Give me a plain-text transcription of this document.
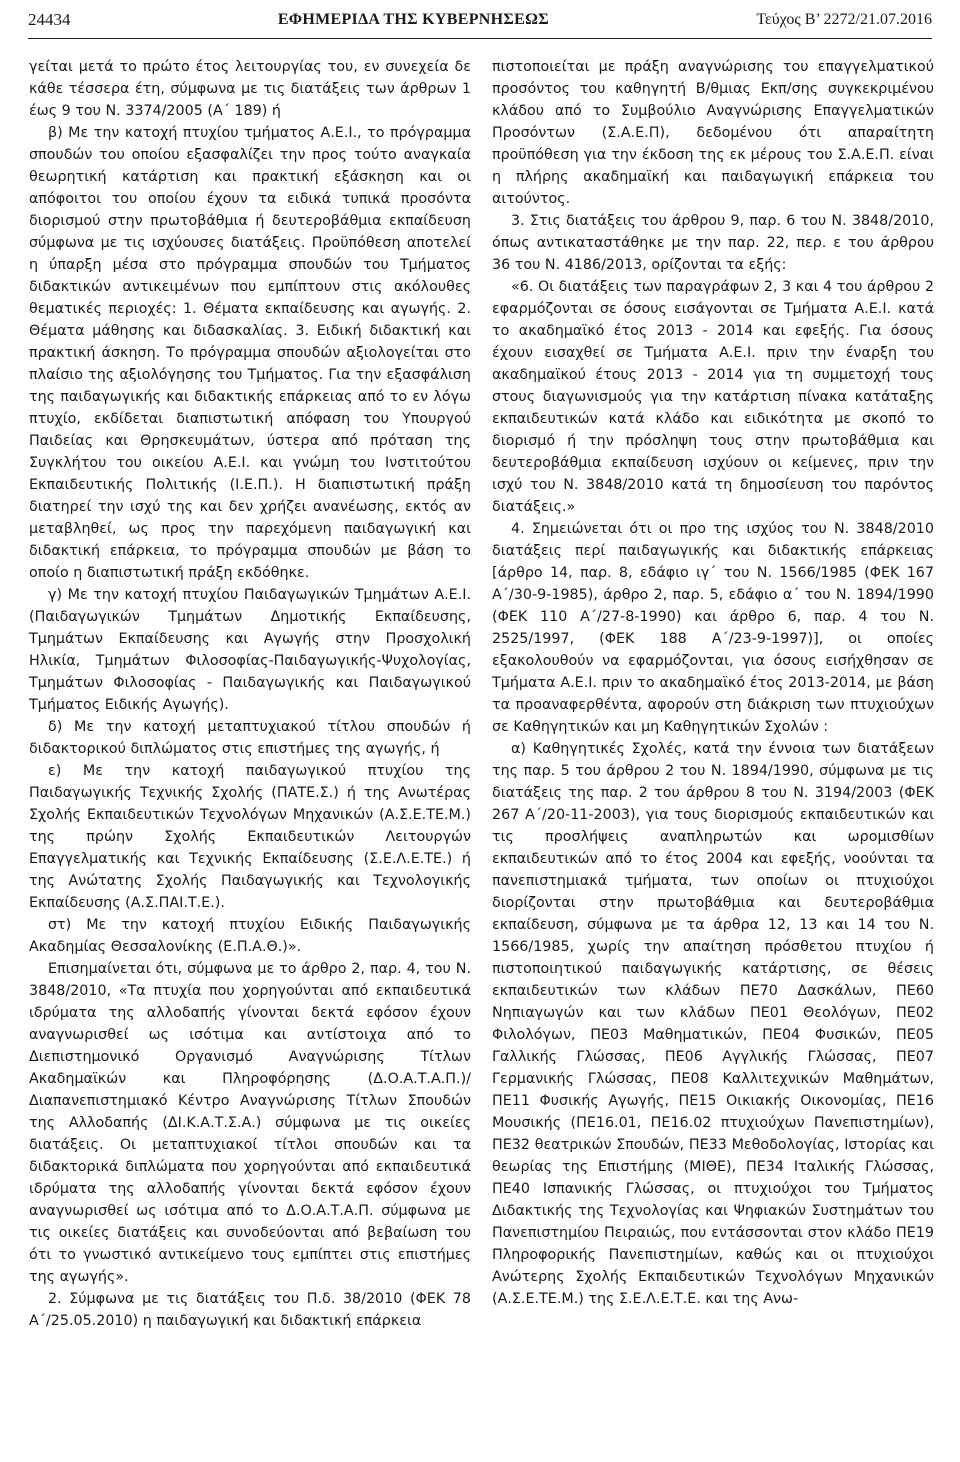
24434	ΕΦΗΜΕΡΙΔΑ ΤΗΣ ΚΥΒΕΡΝΗΣΕΩΣ	Τεύχος Β’ 2272/21.07.2016

γείται μετά το πρώτο έτος λειτουργίας του, εν συνεχεία δε κάθε τέσσερα έτη, σύμφωνα με τις διατάξεις των άρθρων 1 έως 9 του Ν. 3374/2005 (Α΄ 189) ή

β) Με την κατοχή πτυχίου τμήματος Α.Ε.Ι., το πρόγραμμα σπουδών του οποίου εξασφαλίζει την προς τούτο αναγκαία θεωρητική κατάρτιση και πρακτική εξάσκηση και οι απόφοιτοι του οποίου έχουν τα ειδικά τυπικά προσόντα διορισμού στην πρωτοβάθμια ή δευτεροβάθμια εκπαίδευση σύμφωνα με τις ισχύουσες διατάξεις. Προϋπόθεση αποτελεί η ύπαρξη μέσα στο πρόγραμμα σπουδών του Τμήματος διδακτικών αντικειμένων που εμπίπτουν στις ακόλουθες θεματικές περιοχές: 1. Θέματα εκπαίδευσης και αγωγής. 2. Θέματα μάθησης και διδασκαλίας. 3. Ειδική διδακτική και πρακτική άσκηση. Το πρόγραμμα σπουδών αξιολογείται στο πλαίσιο της αξιολόγησης του Τμήματος. Για την εξασφάλιση της παιδαγωγικής και διδακτικής επάρκειας από το εν λόγω πτυχίο, εκδίδεται διαπιστωτική απόφαση του Υπουργού Παιδείας και Θρησκευμάτων, ύστερα από πρόταση της Συγκλήτου του οικείου Α.Ε.Ι. και γνώμη του Ινστιτούτου Εκπαιδευτικής Πολιτικής (Ι.Ε.Π.). Η διαπιστωτική πράξη διατηρεί την ισχύ της και δεν χρήζει ανανέωσης, εκτός αν μεταβληθεί, ως προς την παρεχόμενη παιδαγωγική και διδακτική επάρκεια, το πρόγραμμα σπουδών με βάση το οποίο η διαπιστωτική πράξη εκδόθηκε.

γ) Με την κατοχή πτυχίου Παιδαγωγικών Τμημάτων Α.Ε.Ι. (Παιδαγωγικών Τμημάτων Δημοτικής Εκπαίδευσης, Τμημάτων Εκπαίδευσης και Αγωγής στην Προσχολική Ηλικία, Τμημάτων Φιλοσοφίας-Παιδαγωγικής-Ψυχολογίας, Τμημάτων Φιλοσοφίας - Παιδαγωγικής και Παιδαγωγικού Τμήματος Ειδικής Αγωγής).

δ) Με την κατοχή μεταπτυχιακού τίτλου σπουδών ή διδακτορικού διπλώματος στις επιστήμες της αγωγής, ή

ε) Με την κατοχή παιδαγωγικού πτυχίου της Παιδαγωγικής Τεχνικής Σχολής (ΠΑΤΕ.Σ.) ή της Ανωτέρας Σχολής Εκπαιδευτικών Τεχνολόγων Μηχανικών (Α.Σ.Ε.ΤΕ.Μ.) της πρώην Σχολής Εκπαιδευτικών Λειτουργών Επαγγελματικής και Τεχνικής Εκπαίδευσης (Σ.Ε.Λ.Ε.ΤΕ.) ή της Ανώτατης Σχολής Παιδαγωγικής και Τεχνολογικής Εκπαίδευσης (Α.Σ.ΠΑΙ.Τ.Ε.).

στ) Με την κατοχή πτυχίου Ειδικής Παιδαγωγικής Ακαδημίας Θεσσαλονίκης (Ε.Π.Α.Θ.)».

Επισημαίνεται ότι, σύμφωνα με το άρθρο 2, παρ. 4, του Ν. 3848/2010, «Τα πτυχία που χορηγούνται από εκπαιδευτικά ιδρύματα της αλλοδαπής γίνονται δεκτά εφόσον έχουν αναγνωρισθεί ως ισότιμα και αντίστοιχα από το Διεπιστημονικό Οργανισμό Αναγνώρισης Τίτλων Ακαδημαϊκών και Πληροφόρησης (Δ.Ο.Α.Τ.Α.Π.)/Διαπανεπιστημιακό Κέντρο Αναγνώρισης Τίτλων Σπουδών της Αλλοδαπής (ΔΙ.Κ.Α.Τ.Σ.Α.) σύμφωνα με τις οικείες διατάξεις. Οι μεταπτυχιακοί τίτλοι σπουδών και τα διδακτορικά διπλώματα που χορηγούνται από εκπαιδευτικά ιδρύματα της αλλοδαπής γίνονται δεκτά εφόσον έχουν αναγνωρισθεί ως ισότιμα από το Δ.Ο.Α.Τ.Α.Π. σύμφωνα με τις οικείες διατάξεις και συνοδεύονται από βεβαίωση του ότι το γνωστικό αντικείμενο τους εμπίπτει στις επιστήμες της αγωγής».

2. Σύμφωνα με τις διατάξεις του Π.δ. 38/2010 (ΦΕΚ 78 Α΄/25.05.2010) η παιδαγωγική και διδακτική επάρκεια

πιστοποιείται με πράξη αναγνώρισης του επαγγελματικού προσόντος του καθηγητή Β/θμιας Εκπ/σης συγκεκριμένου κλάδου από το Συμβούλιο Αναγνώρισης Επαγγελματικών Προσόντων (Σ.Α.Ε.Π), δεδομένου ότι απαραίτητη προϋπόθεση για την έκδοση της εκ μέρους του Σ.Α.Ε.Π. είναι η πλήρης ακαδημαϊκή και παιδαγωγική επάρκεια του αιτούντος.

3. Στις διατάξεις του άρθρου 9, παρ. 6 του Ν. 3848/2010, όπως αντικαταστάθηκε με την παρ. 22, περ. ε του άρθρου 36 του Ν. 4186/2013, ορίζονται τα εξής:

«6. Οι διατάξεις των παραγράφων 2, 3 και 4 του άρθρου 2 εφαρμόζονται σε όσους εισάγονται σε Τμήματα Α.Ε.Ι. κατά το ακαδημαϊκό έτος 2013 - 2014 και εφεξής. Για όσους έχουν εισαχθεί σε Τμήματα Α.Ε.Ι. πριν την έναρξη του ακαδημαϊκού έτους 2013 - 2014 για τη συμμετοχή τους στους διαγωνισμούς για την κατάρτιση πίνακα κατάταξης εκπαιδευτικών κατά κλάδο και ειδικότητα με σκοπό το διορισμό ή την πρόσληψη τους στην πρωτοβάθμια και δευτεροβάθμια εκπαίδευση ισχύουν οι κείμενες, πριν την ισχύ του Ν. 3848/2010 κατά τη δημοσίευση του παρόντος διατάξεις.»

4. Σημειώνεται ότι οι προ της ισχύος του Ν. 3848/2010 διατάξεις περί παιδαγωγικής και διδακτικής επάρκειας [άρθρο 14, παρ. 8, εδάφιο ιγ΄ του Ν. 1566/1985 (ΦΕΚ 167 Α΄/30-9-1985), άρθρο 2, παρ. 5, εδάφιο α΄ του Ν. 1894/1990 (ΦΕΚ 110 Α΄/27-8-1990) και άρθρο 6, παρ. 4 του Ν. 2525/1997, (ΦΕΚ 188 Α΄/23-9-1997)], οι οποίες εξακολουθούν να εφαρμόζονται, για όσους εισήχθησαν σε Τμήματα Α.Ε.Ι. πριν το ακαδημαϊκό έτος 2013-2014, με βάση τα προαναφερθέντα, αφορούν στη διάκριση των πτυχιούχων σε Καθηγητικών και μη Καθηγητικών Σχολών :

α) Καθηγητικές Σχολές, κατά την έννοια των διατάξεων της παρ. 5 του άρθρου 2 του Ν. 1894/1990, σύμφωνα με τις διατάξεις της παρ. 2 του άρθρου 8 του Ν. 3194/2003 (ΦΕΚ 267 Α΄/20-11-2003), για τους διορισμούς εκπαιδευτικών και τις προσλήψεις αναπληρωτών και ωρομισθίων εκπαιδευτικών από το έτος 2004 και εφεξής, νοούνται τα πανεπιστημιακά τμήματα, των οποίων οι πτυχιούχοι διορίζονται στην πρωτοβάθμια και δευτεροβάθμια εκπαίδευση, σύμφωνα με τα άρθρα 12, 13 και 14 του Ν. 1566/1985, χωρίς την απαίτηση πρόσθετου πτυχίου ή πιστοποιητικού παιδαγωγικής κατάρτισης, σε θέσεις εκπαιδευτικών των κλάδων ΠΕ70 Δασκάλων, ΠΕ60 Νηπιαγωγών και των κλάδων ΠΕ01 Θεολόγων, ΠΕ02 Φιλολόγων, ΠΕ03 Μαθηματικών, ΠΕ04 Φυσικών, ΠΕ05 Γαλλικής Γλώσσας, ΠΕ06 Αγγλικής Γλώσσας, ΠΕ07 Γερμανικής Γλώσσας, ΠΕ08 Καλλιτεχνικών Μαθημάτων, ΠΕ11 Φυσικής Αγωγής, ΠΕ15 Οικιακής Οικονομίας, ΠΕ16 Μουσικής (ΠΕ16.01, ΠΕ16.02 πτυχιούχων Πανεπιστημίων), ΠΕ32 θεατρικών Σπουδών, ΠΕ33 Μεθοδολογίας, Ιστορίας και θεωρίας της Επιστήμης (ΜΙΘΕ), ΠΕ34 Ιταλικής Γλώσσας, ΠΕ40 Ισπανικής Γλώσσας, οι πτυχιούχοι του Τμήματος Διδακτικής της Τεχνολογίας και Ψηφιακών Συστημάτων του Πανεπιστημίου Πειραιώς, που εντάσσονται στον κλάδο ΠΕ19 Πληροφορικής Πανεπιστημίων, καθώς και οι πτυχιούχοι Ανώτερης Σχολής Εκπαιδευτικών Τεχνολόγων Μηχανικών (Α.Σ.Ε.ΤΕ.Μ.) της Σ.Ε.Λ.Ε.Τ.Ε. και της Ανω-
